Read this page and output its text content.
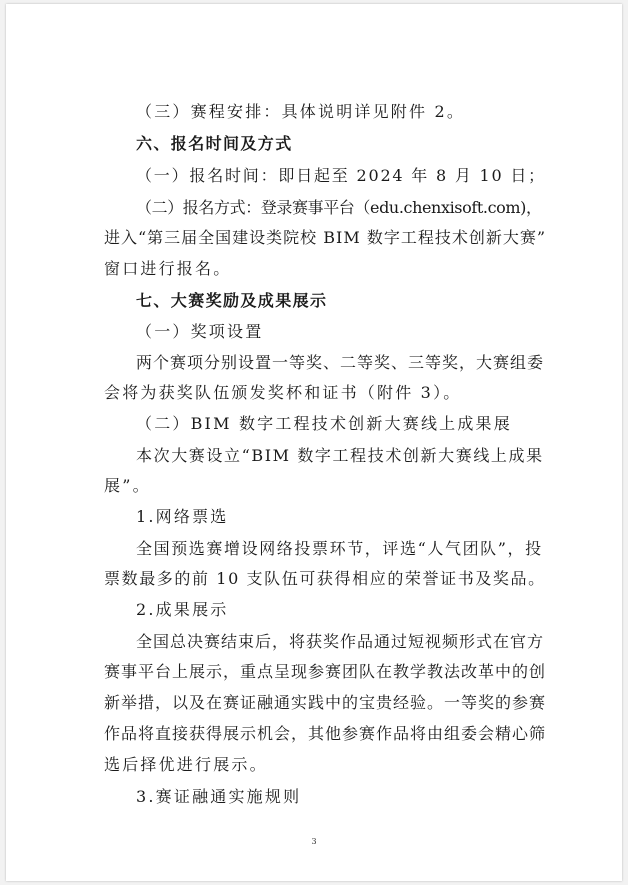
（三）赛程安排：具体说明详见附件 2。
六、报名时间及方式
（一）报名时间：即日起至 2024 年 8 月 10 日；
（二）报名方式：登录赛事平台（edu.chenxisoft.com)，
进入“第三届全国建设类院校 BIM 数字工程技术创新大赛”
窗口进行报名。
七、大赛奖励及成果展示
（一）奖项设置
两个赛项分别设置一等奖、二等奖、三等奖，大赛组委
会将为获奖队伍颁发奖杯和证书（附件 3）。
（二）BIM 数字工程技术创新大赛线上成果展
本次大赛设立“BIM 数字工程技术创新大赛线上成果
展”。
1.网络票选
全国预选赛增设网络投票环节，评选“人气团队”，投
票数最多的前 10 支队伍可获得相应的荣誉证书及奖品。
2.成果展示
全国总决赛结束后，将获奖作品通过短视频形式在官方
赛事平台上展示，重点呈现参赛团队在教学教法改革中的创
新举措，以及在赛证融通实践中的宝贵经验。一等奖的参赛
作品将直接获得展示机会，其他参赛作品将由组委会精心筛
选后择优进行展示。
3.赛证融通实施规则
3
